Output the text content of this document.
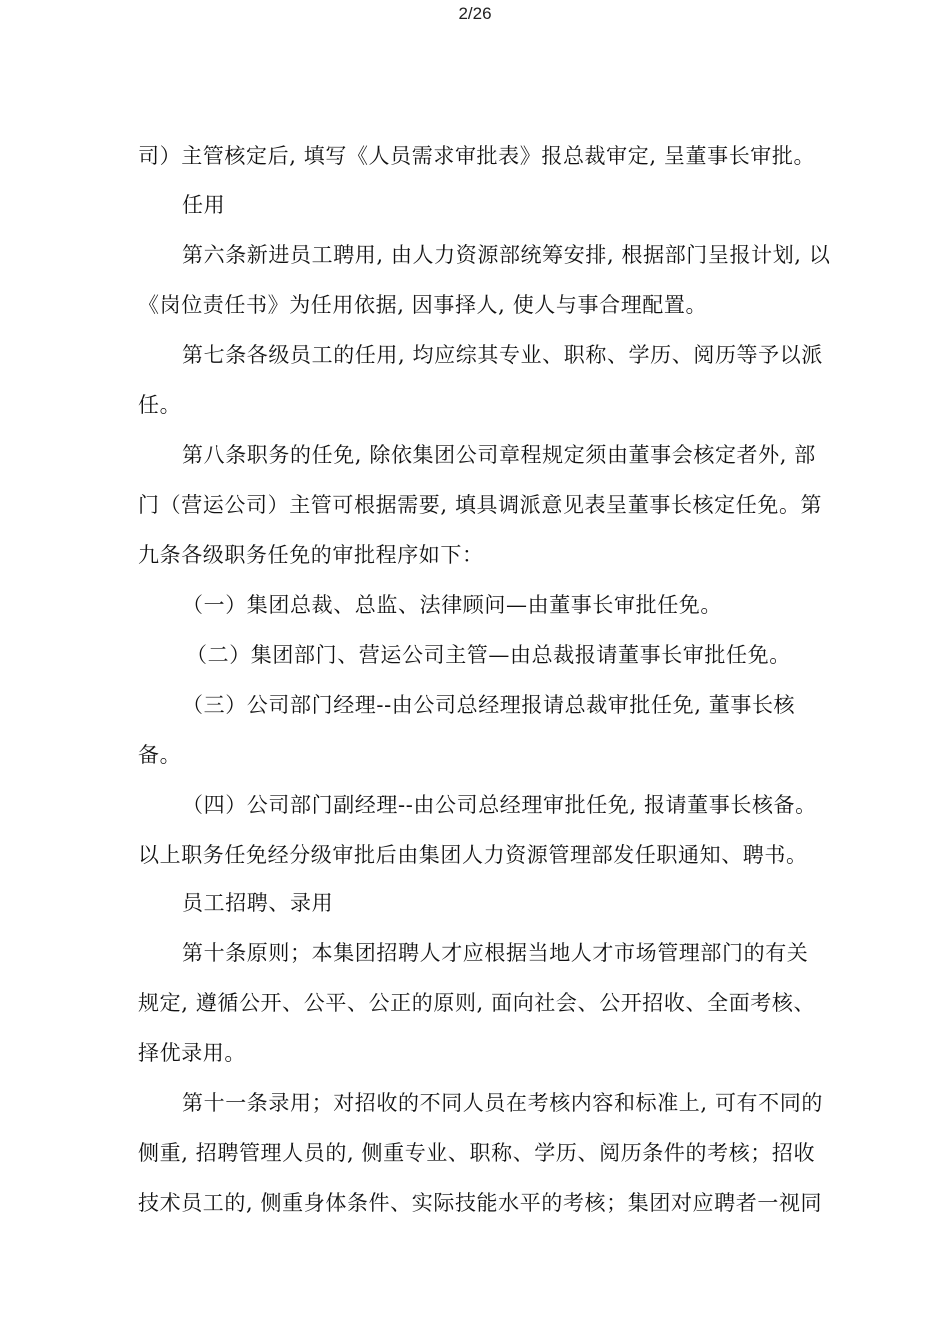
2/26
司）主管核定后, 填写《人员需求审批表》报总裁审定, 呈董事长审批。
任用
第六条新进员工聘用, 由人力资源部统筹安排, 根据部门呈报计划, 以
《岗位责任书》为任用依据, 因事择人, 使人与事合理配置。
第七条各级员工的任用, 均应综其专业、职称、学历、阅历等予以派
任。
第八条职务的任免, 除依集团公司章程规定须由董事会核定者外, 部
门（营运公司）主管可根据需要, 填具调派意见表呈董事长核定任免。第
九条各级职务任免的审批程序如下：
（一）集团总裁、总监、法律顾问—由董事长审批任免。
（二）集团部门、营运公司主管—由总裁报请董事长审批任免。
（三）公司部门经理--由公司总经理报请总裁审批任免, 董事长核
备。
（四）公司部门副经理--由公司总经理审批任免, 报请董事长核备。
以上职务任免经分级审批后由集团人力资源管理部发任职通知、聘书。
员工招聘、录用
第十条原则；本集团招聘人才应根据当地人才市场管理部门的有关
规定, 遵循公开、公平、公正的原则, 面向社会、公开招收、全面考核、
择优录用。
第十一条录用；对招收的不同人员在考核内容和标准上, 可有不同的
侧重, 招聘管理人员的, 侧重专业、职称、学历、阅历条件的考核；招收
技术员工的, 侧重身体条件、实际技能水平的考核；集团对应聘者一视同
